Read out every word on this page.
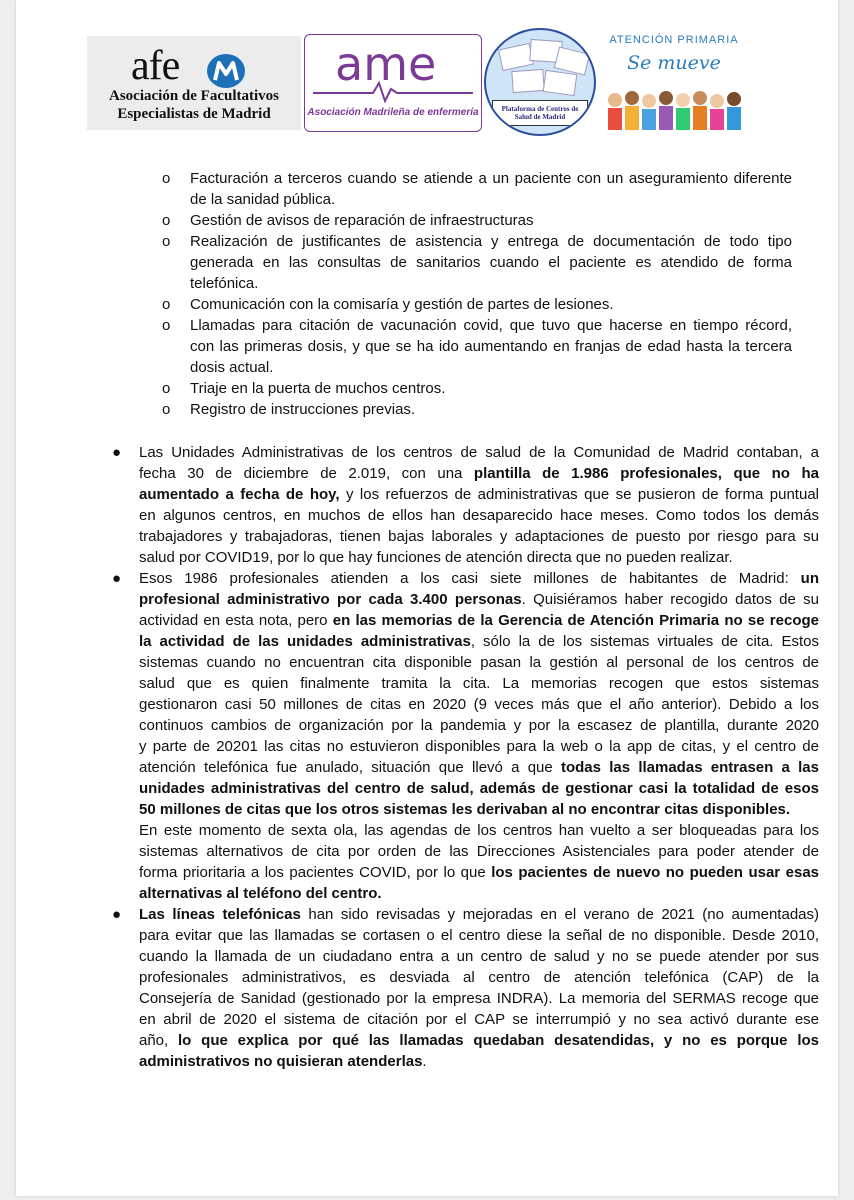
afe
Asociación de Facultativos
Especialistas de Madrid
ame
Asociación Madrileña de enfermería	Plataforma de Centros de
Salud de Madrid
ATENCIÓN PRIMARIA
Se mueve
o Facturación a terceros cuando se atiende a un paciente con un aseguramiento diferente
de la sanidad pública.
o Gestión de avisos de reparación de infraestructuras
o Realización de justificantes de asistencia y entrega de documentación de todo tipo
generada en las consultas de sanitarios cuando el paciente es atendido de forma
telefónica.
o Comunicación con la comisaría y gestión de partes de lesiones.
o Llamadas para citación de vacunación covid, que tuvo que hacerse en tiempo récord,
con las primeras dosis, y que se ha ido aumentando en franjas de edad hasta la tercera
dosis actual.
o Triaje en la puerta de muchos centros.
o Registro de instrucciones previas.
● Las Unidades Administrativas de los centros de salud de la Comunidad de Madrid contaban, a
fecha 30 de diciembre de 2.019, con una plantilla de 1.986 profesionales, que no ha
aumentado a fecha de hoy, y los refuerzos de administrativas que se pusieron de forma puntual
en algunos centros, en muchos de ellos han desaparecido hace meses. Como todos los demás
trabajadores y trabajadoras, tienen bajas laborales y adaptaciones de puesto por riesgo para su
salud por COVID19, por lo que hay funciones de atención directa que no pueden realizar.
● Esos 1986 profesionales atienden a los casi siete millones de habitantes de Madrid: un
profesional administrativo por cada 3.400 personas. Quisiéramos haber recogido datos de su
actividad en esta nota, pero en las memorias de la Gerencia de Atención Primaria no se recoge
la actividad de las unidades administrativas, sólo la de los sistemas virtuales de cita. Estos
sistemas cuando no encuentran cita disponible pasan la gestión al personal de los centros de
salud que es quien finalmente tramita la cita. La memorias recogen que estos sistemas
gestionaron casi 50 millones de citas en 2020 (9 veces más que el año anterior). Debido a los
continuos cambios de organización por la pandemia y por la escasez de plantilla, durante 2020
y parte de 20201 las citas no estuvieron disponibles para la web o la app de citas, y el centro de
atención telefónica fue anulado, situación que llevó a que todas las llamadas entrasen a las
unidades administrativas del centro de salud, además de gestionar casi la totalidad de esos
50 millones de citas que los otros sistemas les derivaban al no encontrar citas disponibles.
En este momento de sexta ola, las agendas de los centros han vuelto a ser bloqueadas para los
sistemas alternativos de cita por orden de las Direcciones Asistenciales para poder atender de
forma prioritaria a los pacientes COVID, por lo que los pacientes de nuevo no pueden usar esas
alternativas al teléfono del centro.
● Las líneas telefónicas han sido revisadas y mejoradas en el verano de 2021 (no aumentadas)
para evitar que las llamadas se cortasen o el centro diese la señal de no disponible. Desde 2010,
cuando la llamada de un ciudadano entra a un centro de salud y no se puede atender por sus
profesionales administrativos, es desviada al centro de atención telefónica (CAP) de la
Consejería de Sanidad (gestionado por la empresa INDRA). La memoria del SERMAS recoge que
en abril de 2020 el sistema de citación por el CAP se interrumpió y no sea activó durante ese
año, lo que explica por qué las llamadas quedaban desatendidas, y no es porque los
administrativos no quisieran atenderlas.
